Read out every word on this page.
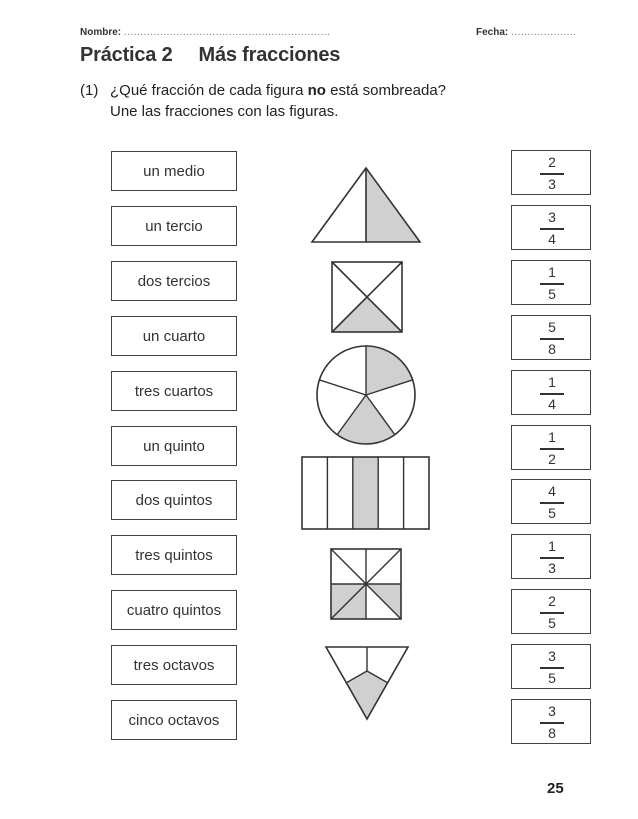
Nombre: ...............................................................	Fecha: ....................
Práctica 2 Más fracciones
(1) ¿Qué fracción de cada figura no está sombreada?
Une las fracciones con las figuras.
un medio
un tercio
dos tercios
un cuarto
tres cuartos
un quinto
dos quintos
tres quintos
cuatro quintos
tres octavos
cinco octavos
2
3
3
4
1
5
5
8
1
4
1
2
4
5
1
3
2
5
3
5
3
8
25
